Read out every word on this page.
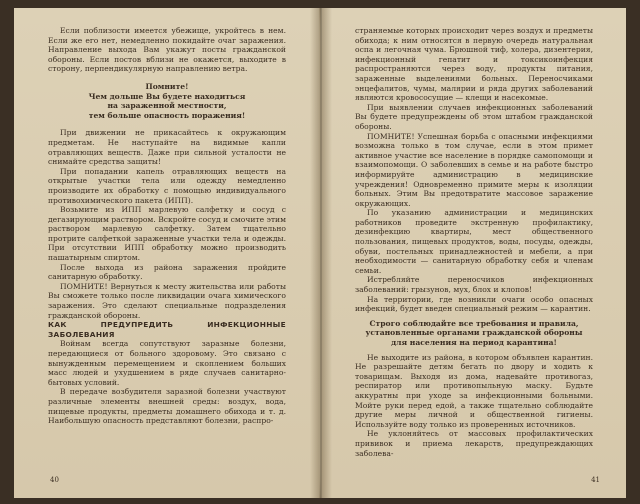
Если поблизости имеется убежище, укройтесь в нем. Если же его нет, немедленно покидайте очаг заражения. Направление выхода Вам укажут посты гражданской обороны. Если постов вблизи не окажется, выходите в сторону, перпендикулярную направлению ветра.

Помните!

Чем дольше Вы будете находиться

на зараженной местности,

тем больше опасность поражения!

При движении не прикасайтесь к окружающим предметам. Не наступайте на видимые капли отравляющих веществ. Даже при сильной усталости не снимайте средства защиты!

При попадании капель отравляющих веществ на открытые участки тела или одежду немедленно производите их обработку с помощью индивидуального противохимического пакета (ИПП).

Возьмите из ИПП марлевую салфетку и сосуд с дегазирующим раствором. Вскройте сосуд и смочите этим раствором марлевую салфетку. Затем тщательно протрите салфеткой зараженные участки тела и одежды. При отсутствии ИПП обработку можно производить пашатырным спиртом.

После выхода из района заражения пройдите санитарную обработку.

ПОМНИТЕ! Вернуться к месту жительства или работы Вы сможете только после ликвидации очага химического заражения. Это сделают специальные подразделения гражданской обороны.

КАК ПРЕДУПРЕДИТЬ ИНФЕКЦИОННЫЕ ЗАБОЛЕВАНИЯ

Войнам всегда сопутствуют заразные болезни, передающиеся от больного здоровому. Это связано с вынужденным перемещением и скоплением больших масс людей и ухудшением в ряде случаев санитарно-бытовых условий.

В передаче возбудителя заразной болезни участвуют различные элементы внешней среды: воздух, вода, пищевые продукты, предметы домашнего обихода и т. д. Наибольшую опасность представляют болезни, распро-

40

страняемые которых происходит через воздух и предметы обихода; к ним относятся в первую очередь натуральная оспа и легочная чума. Брюшной тиф, холера, дизентерия, инфекционный гепатит и токсикоинфекция распространяются через воду, продукты питания, зараженные выделениями больных. Переносчиками энцефалитов, чумы, малярии и ряда других заболеваний являются кровососущие — клещи и насекомые.

При выявлении случаев инфекционных заболеваний Вы будете предупреждены об этом штабом гражданской обороны.

ПОМНИТЕ! Успешная борьба с опасными инфекциями возможна только в том случае, если в этом примет активное участие все население в порядке самопомощи и взаимопомощи. О заболевших в семье и на работе быстро информируйте администрацию в медицинские учреждения! Одновременно примите меры к изоляции больных. Этим Вы предотвратите массовое заражение окружающих.

По указанию администрации и медицинских работников проведите экстренную профилактику, дезинфекцию квартиры, мест общественного пользования, пищевых продуктов, воды, посуды, одежды, обуви, постельных принадлежностей и мебели, а при необходимости — санитарную обработку себя и членам семьи.

Истребляйте переносчиков инфекционных заболеваний: грызунов, мух, блох и клопов!

На территории, где возникли очаги особо опасных инфекций, будет введен специальный режим — карантин.

Строго соблюдайте все требования и правила,

установленные органами гражданской обороны

для населения на период карантина!

Не выходите из района, в котором объявлен карантин. Не разрешайте детям бегать по двору и ходить к товарищам. Выходя из дома, надевайте противогаз, респиратор или противопыльную маску. Будьте аккуратны при уходе за инфекционными больными. Мойте руки перед едой, а также тщательно соблюдайте другие меры личной и общественной гигиены. Используйте воду только из проверенных источников.

Не уклоняйтесь от массовых профилактических прививок и приема лекарств, предупреждающих заболева-

41
